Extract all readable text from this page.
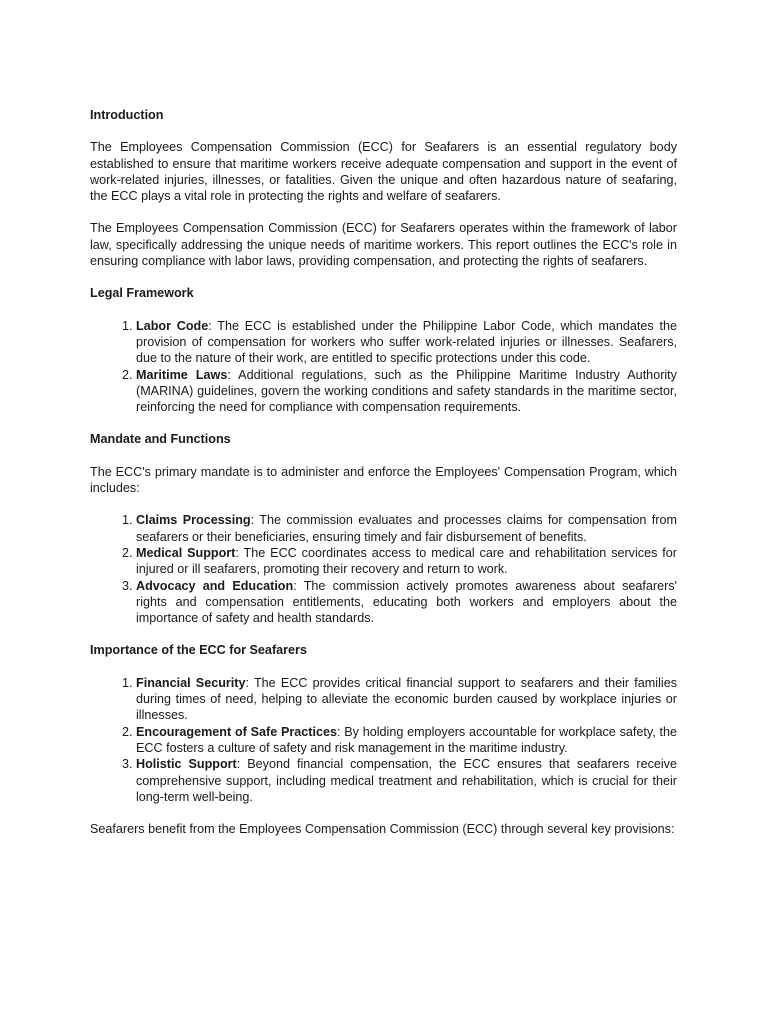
Introduction

The Employees Compensation Commission (ECC) for Seafarers is an essential regulatory body established to ensure that maritime workers receive adequate compensation and support in the event of work-related injuries, illnesses, or fatalities. Given the unique and often hazardous nature of seafaring, the ECC plays a vital role in protecting the rights and welfare of seafarers.

The Employees Compensation Commission (ECC) for Seafarers operates within the framework of labor law, specifically addressing the unique needs of maritime workers. This report outlines the ECC's role in ensuring compliance with labor laws, providing compensation, and protecting the rights of seafarers.

Legal Framework
1. Labor Code: The ECC is established under the Philippine Labor Code, which mandates the provision of compensation for workers who suffer work-related injuries or illnesses. Seafarers, due to the nature of their work, are entitled to specific protections under this code.
2. Maritime Laws: Additional regulations, such as the Philippine Maritime Industry Authority (MARINA) guidelines, govern the working conditions and safety standards in the maritime sector, reinforcing the need for compliance with compensation requirements.
Mandate and Functions

The ECC's primary mandate is to administer and enforce the Employees' Compensation Program, which includes:

1. Claims Processing: The commission evaluates and processes claims for compensation from seafarers or their beneficiaries, ensuring timely and fair disbursement of benefits.
2. Medical Support: The ECC coordinates access to medical care and rehabilitation services for injured or ill seafarers, promoting their recovery and return to work.
3. Advocacy and Education: The commission actively promotes awareness about seafarers' rights and compensation entitlements, educating both workers and employers about the importance of safety and health standards.
Importance of the ECC for Seafarers
1. Financial Security: The ECC provides critical financial support to seafarers and their families during times of need, helping to alleviate the economic burden caused by workplace injuries or illnesses.
2. Encouragement of Safe Practices: By holding employers accountable for workplace safety, the ECC fosters a culture of safety and risk management in the maritime industry.
3. Holistic Support: Beyond financial compensation, the ECC ensures that seafarers receive comprehensive support, including medical treatment and rehabilitation, which is crucial for their long-term well-being.

Seafarers benefit from the Employees Compensation Commission (ECC) through several key provisions:
